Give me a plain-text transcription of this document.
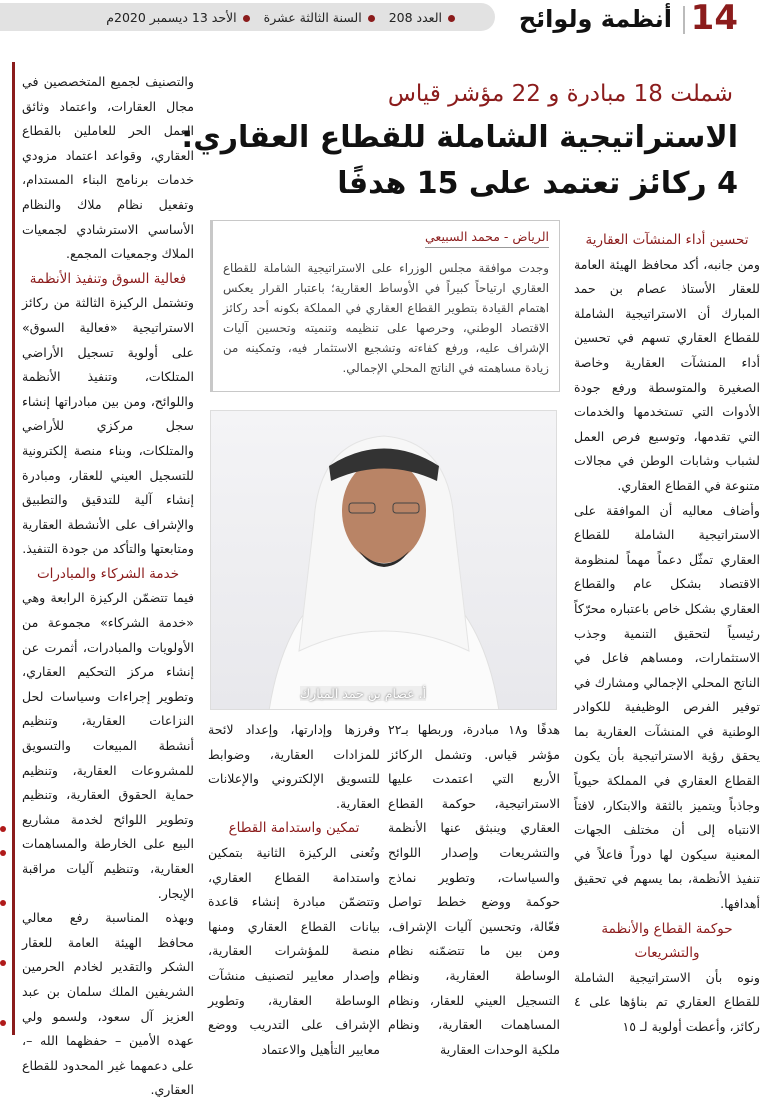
العدد 208
السنة الثالثة عشرة
الأحد 13 ديسمبر 2020م	14
أنظمة ولوائح
شملت 18 مبادرة و 22 مؤشر قياس
الاستراتيجية الشاملة للقطاع العقاري:
4 ركائز تعتمد على 15 هدفًا
الرياض - محمد السبيعي
وجدت موافقة مجلس الوزراء على الاستراتيجية الشاملة للقطاع العقاري ارتياحاً كبيراً في الأوساط العقارية؛ باعتبار القرار يعكس اهتمام القيادة بتطوير القطاع العقاري في المملكة بكونه أحد ركائز الاقتصاد الوطني، وحرصها على تنظيمه وتنميته وتحسين آليات الإشراف عليه، ورفع كفاءته وتشجيع الاستثمار فيه، وتمكينه من زيادة مساهمته في الناتج المحلي الإجمالي.
أ. عصام بن حمد المبارك
تحسين أداء المنشآت العقارية

ومن جانبه، أكد محافظ الهيئة العامة للعقار الأستاذ عصام بن حمد المبارك أن الاستراتيجية الشاملة للقطاع العقاري تسهم في تحسين أداء المنشآت العقارية وخاصة الصغيرة والمتوسطة ورفع جودة الأدوات التي تستخدمها والخدمات التي تقدمها، وتوسيع فرص العمل لشباب وشابات الوطن في مجالات متنوعة في القطاع العقاري.

وأضاف معاليه أن الموافقة على الاستراتيجية الشاملة للقطاع العقاري تمثّل دعماً مهماً لمنظومة الاقتصاد بشكل عام والقطاع العقاري بشكل خاص باعتباره محرّكاً رئيسياً لتحقيق التنمية وجذب الاستثمارات، ومساهم فاعل في الناتج المحلي الإجمالي ومشارك في توفير الفرص الوظيفية للكوادر الوطنية في المنشآت العقارية بما يحقق رؤية الاستراتيجية بأن يكون القطاع العقاري في المملكة حيوياً وجاذباً ويتميز بالثقة والابتكار، لافتاً الانتباه إلى أن مختلف الجهات المعنية سيكون لها دوراً فاعلاً في تنفيذ الأنظمة، بما يسهم في تحقيق أهدافها.

حوكمة القطاع والأنظمة والتشريعات

ونوه بأن الاستراتيجية الشاملة للقطاع العقاري تم بناؤها على ٤ ركائز، وأعطت أولوية لـ ١٥

هدفًا و١٨ مبادرة، وربطها بـ٢٢ مؤشر قياس. وتشمل الركائز الأربع التي اعتمدت عليها الاستراتيجية، حوكمة القطاع العقاري وينبثق عنها الأنظمة والتشريعات وإصدار اللوائح والسياسات، وتطوير نماذج حوكمة ووضع خطط تواصل فعّالة، وتحسين آليات الإشراف، ومن بين ما تتضمّنه نظام الوساطة العقارية، ونظام التسجيل العيني للعقار، ونظام المساهمات العقارية، ونظام ملكية الوحدات العقارية

وفرزها وإدارتها، وإعداد لائحة للمزادات العقارية، وضوابط للتسويق الإلكتروني والإعلانات العقارية.

تمكين واستدامة القطاع

وتُعنى الركيزة الثانية بتمكين واستدامة القطاع العقاري، وتتضمّن مبادرة إنشاء قاعدة بيانات القطاع العقاري ومنها منصة للمؤشرات العقارية، وإصدار معايير لتصنيف منشآت الوساطة العقارية، وتطوير الإشراف على التدريب ووضع معايير التأهيل والاعتماد

والتصنيف لجميع المتخصصين في مجال العقارات، واعتماد وثائق العمل الحر للعاملين بالقطاع العقاري، وقواعد اعتماد مزودي خدمات برنامج البناء المستدام، وتفعيل نظام ملاك والنظام الأساسي الاسترشادي لجمعيات الملاك وجمعيات المجمع.

فعالية السوق وتنفيذ الأنظمة

وتشتمل الركيزة الثالثة من ركائز الاستراتيجية «فعالية السوق» على أولوية تسجيل الأراضي المتلكات، وتنفيذ الأنظمة واللوائح، ومن بين مبادراتها إنشاء سجل مركزي للأراضي والمتلكات، وبناء منصة إلكترونية للتسجيل العيني للعقار، ومبادرة إنشاء آلية للتدقيق والتطبيق والإشراف على الأنشطة العقارية ومتابعتها والتأكد من جودة التنفيذ.

خدمة الشركاء والمبادرات

فيما تتضمّن الركيزة الرابعة وهي «خدمة الشركاء» مجموعة من الأولويات والمبادرات، أثمرت عن إنشاء مركز التحكيم العقاري، وتطوير إجراءات وسياسات لحل النزاعات العقارية، وتنظيم أنشطة المبيعات والتسويق للمشروعات العقارية، وتنظيم حماية الحقوق العقارية، وتنظيم وتطوير اللوائح لخدمة مشاريع البيع على الخارطة والمساهمات العقارية، وتنظيم آليات مراقبة الإيجار.

وبهذه المناسبة رفع معالي محافظ الهيئة العامة للعقار الشكر والتقدير لخادم الحرمين الشريفين الملك سلمان بن عبد العزيز آل سعود، ولسمو ولي عهده الأمين – حفظهما الله –، على دعمهما غير المحدود للقطاع العقاري.
